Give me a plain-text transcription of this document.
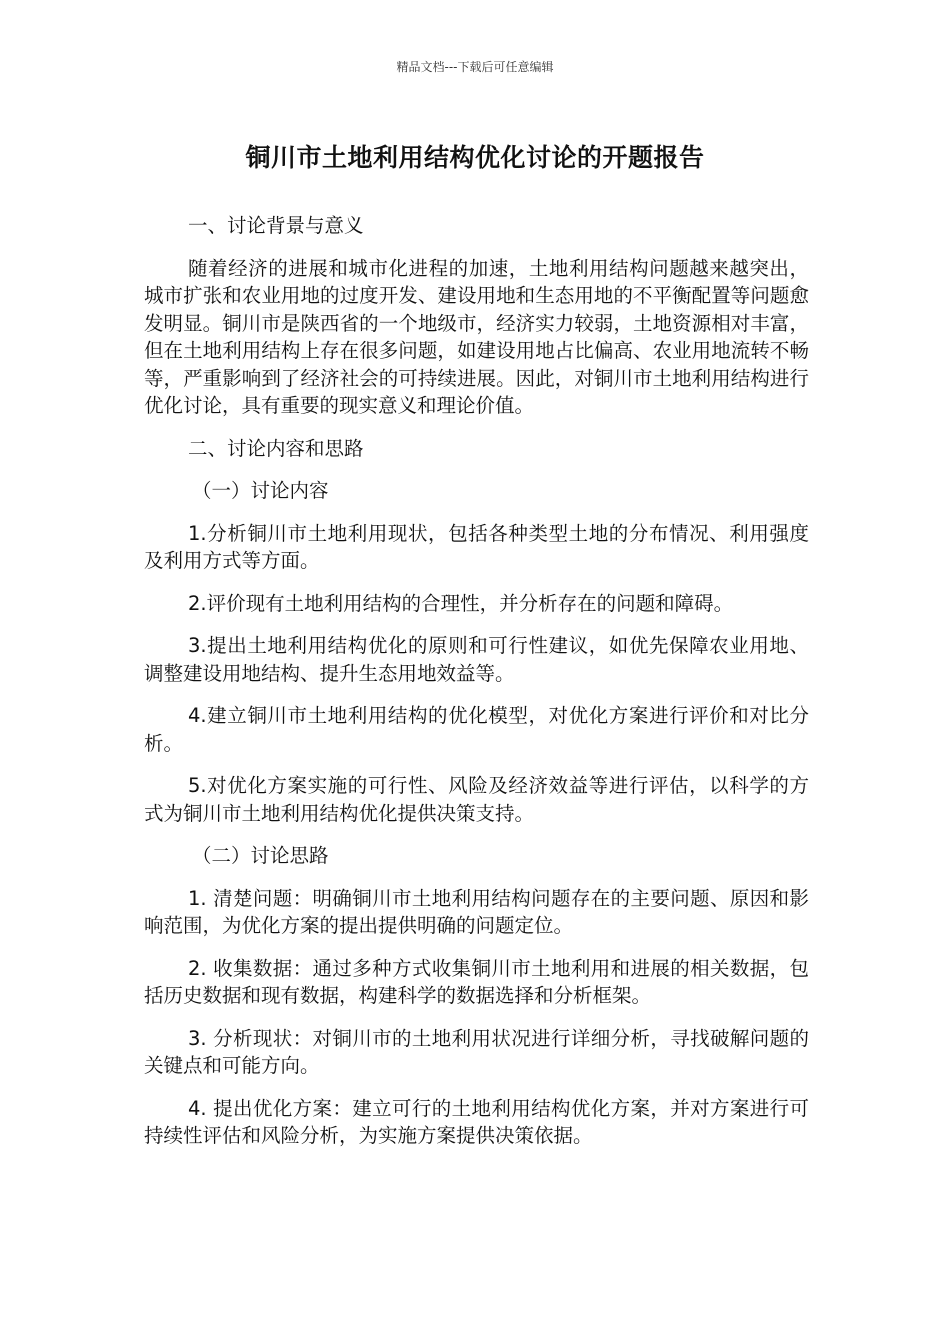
精品文档---下载后可任意编辑
铜川市土地利用结构优化讨论的开题报告

一、讨论背景与意义

随着经济的进展和城市化进程的加速，土地利用结构问题越来越突出，城市扩张和农业用地的过度开发、建设用地和生态用地的不平衡配置等问题愈发明显。铜川市是陕西省的一个地级市，经济实力较弱，土地资源相对丰富，但在土地利用结构上存在很多问题，如建设用地占比偏高、农业用地流转不畅等，严重影响到了经济社会的可持续进展。因此，对铜川市土地利用结构进行优化讨论，具有重要的现实意义和理论价值。

二、讨论内容和思路

（一）讨论内容

1.分析铜川市土地利用现状，包括各种类型土地的分布情况、利用强度及利用方式等方面。

2.评价现有土地利用结构的合理性，并分析存在的问题和障碍。

3.提出土地利用结构优化的原则和可行性建议，如优先保障农业用地、调整建设用地结构、提升生态用地效益等。

4.建立铜川市土地利用结构的优化模型，对优化方案进行评价和对比分析。

5.对优化方案实施的可行性、风险及经济效益等进行评估，以科学的方式为铜川市土地利用结构优化提供决策支持。

（二）讨论思路

1. 清楚问题：明确铜川市土地利用结构问题存在的主要问题、原因和影响范围，为优化方案的提出提供明确的问题定位。

2. 收集数据：通过多种方式收集铜川市土地利用和进展的相关数据，包括历史数据和现有数据，构建科学的数据选择和分析框架。

3. 分析现状：对铜川市的土地利用状况进行详细分析，寻找破解问题的关键点和可能方向。

4. 提出优化方案：建立可行的土地利用结构优化方案，并对方案进行可持续性评估和风险分析，为实施方案提供决策依据。
